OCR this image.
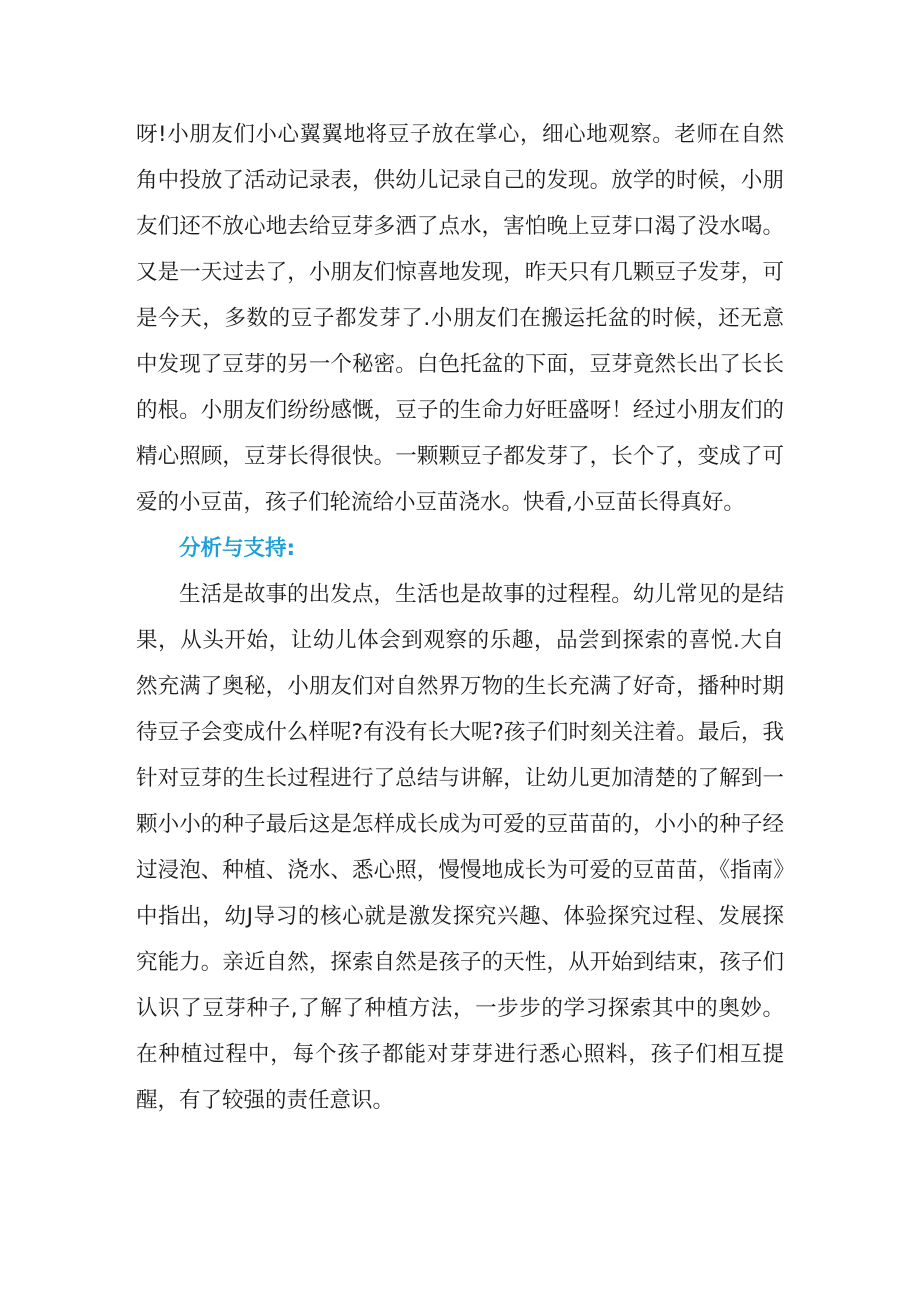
呀!小朋友们小心翼翼地将豆子放在掌心，细心地观察。老师在自然角中投放了活动记录表，供幼儿记录自己的发现。放学的时候，小朋友们还不放心地去给豆芽多洒了点水，害怕晚上豆芽口渴了没水喝。又是一天过去了，小朋友们惊喜地发现，昨天只有几颗豆子发芽，可是今天，多数的豆子都发芽了.小朋友们在搬运托盆的时候，还无意中发现了豆芽的另一个秘密。白色托盆的下面，豆芽竟然长出了长长的根。小朋友们纷纷感慨，豆子的生命力好旺盛呀！经过小朋友们的精心照顾，豆芽长得很快。一颗颗豆子都发芽了，长个了，变成了可爱的小豆苗，孩子们轮流给小豆苗浇水。快看,小豆苗长得真好。

分析与支持:

生活是故事的出发点，生活也是故事的过程程。幼儿常见的是结果，从头开始，让幼儿体会到观察的乐趣，品尝到探索的喜悦.大自然充满了奥秘，小朋友们对自然界万物的生长充满了好奇，播种时期待豆子会变成什么样呢?有没有长大呢?孩子们时刻关注着。最后，我针对豆芽的生长过程进行了总结与讲解，让幼儿更加清楚的了解到一颗小小的种子最后这是怎样成长成为可爱的豆苗苗的，小小的种子经过浸泡、种植、浇水、悉心照，慢慢地成长为可爱的豆苗苗，《指南》中指出，幼J导习的核心就是激发探究兴趣、体验探究过程、发展探究能力。亲近自然，探索自然是孩子的天性，从开始到结束，孩子们认识了豆芽种子,了解了种植方法，一步步的学习探索其中的奥妙。在种植过程中，每个孩子都能对芽芽进行悉心照料，孩子们相互提醒，有了较强的责任意识。
